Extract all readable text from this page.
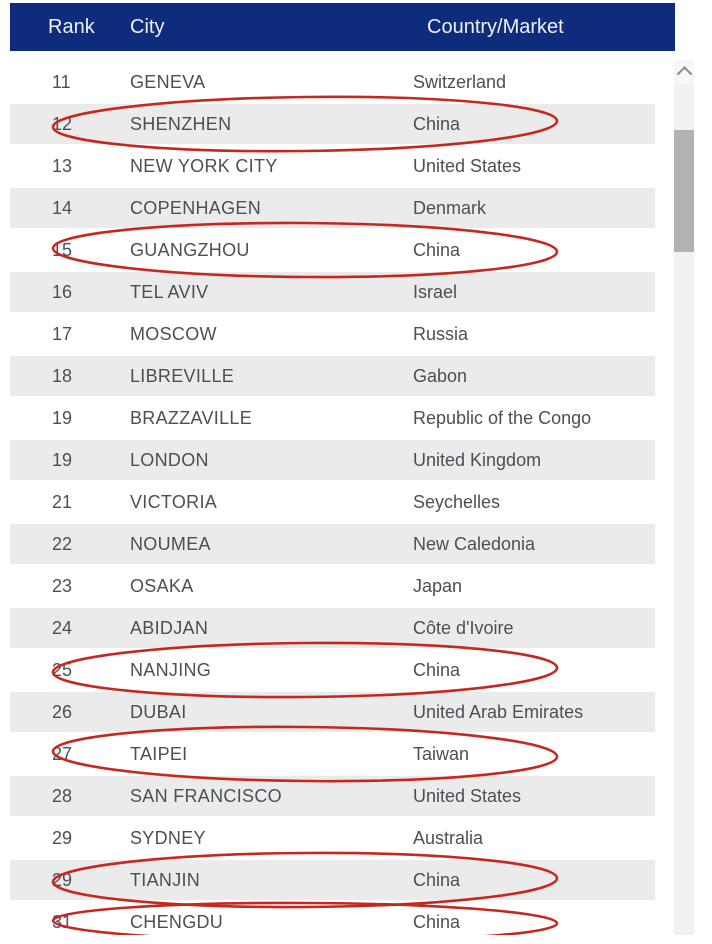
Rank	City	Country/Market
11	GENEVA	Switzerland
12	SHENZHEN	China
13	NEW YORK CITY	United States
14	COPENHAGEN	Denmark
15	GUANGZHOU	China
16	TEL AVIV	Israel
17	MOSCOW	Russia
18	LIBREVILLE	Gabon
19	BRAZZAVILLE	Republic of the Congo
19	LONDON	United Kingdom
21	VICTORIA	Seychelles
22	NOUMEA	New Caledonia
23	OSAKA	Japan
24	ABIDJAN	Côte d'Ivoire
25	NANJING	China
26	DUBAI	United Arab Emirates
27	TAIPEI	Taiwan
28	SAN FRANCISCO	United States
29	SYDNEY	Australia
29	TIANJIN	China
31	CHENGDU	China
